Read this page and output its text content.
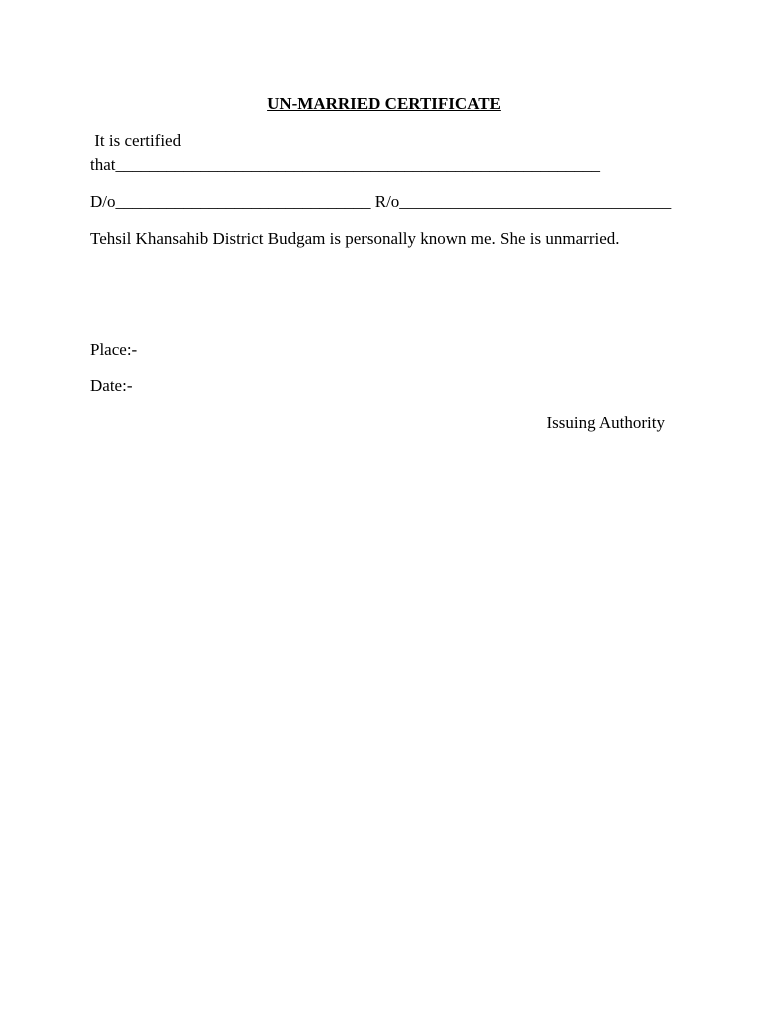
UN-MARRIED CERTIFICATE

It is certified

that_________________________________________________________

D/o______________________________ R/o________________________________

Tehsil Khansahib District Budgam is personally known me. She is unmarried.

Place:-

Date:-

Issuing Authority
